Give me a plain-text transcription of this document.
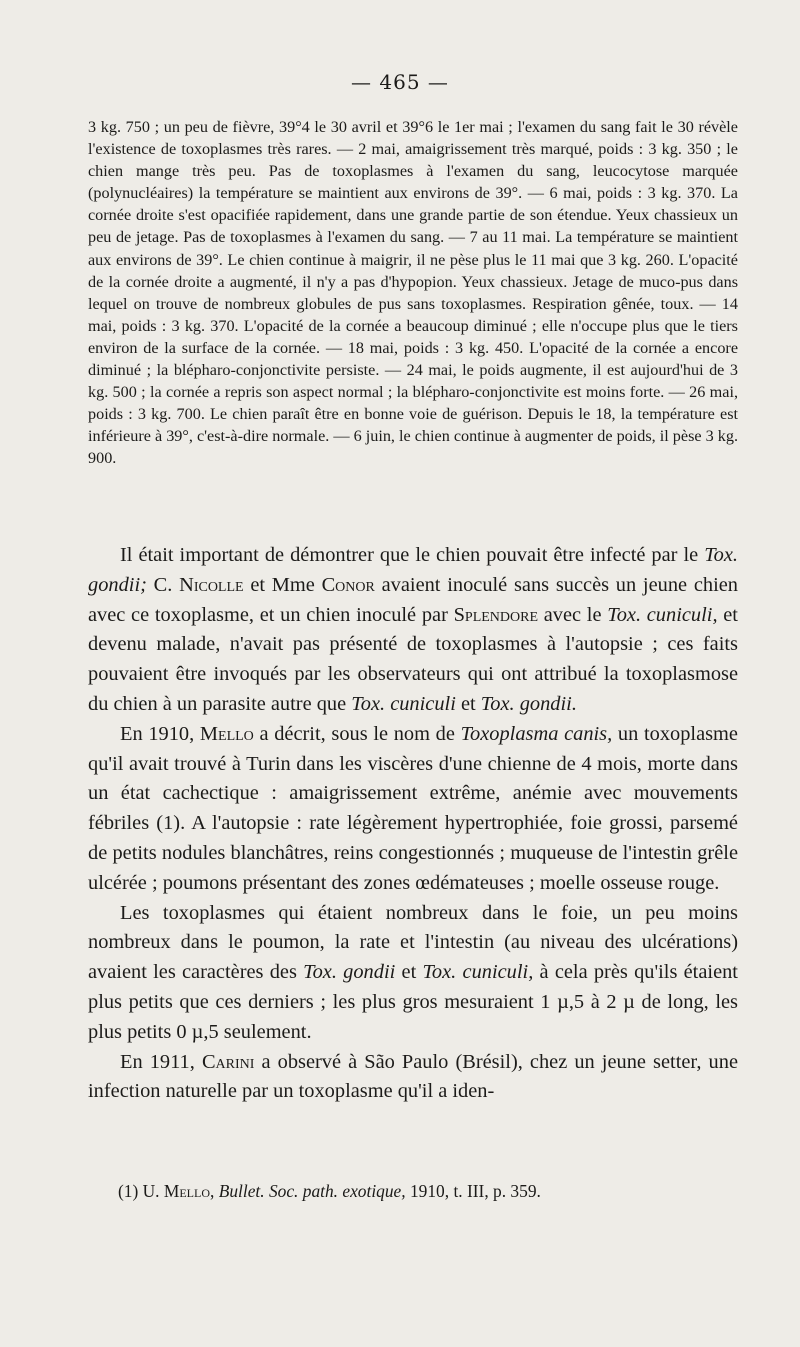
— 465 —

3 kg. 750 ; un peu de fièvre, 39°4 le 30 avril et 39°6 le 1er mai ; l'examen du sang fait le 30 révèle l'existence de toxoplasmes très rares. — 2 mai, amaigrissement très marqué, poids : 3 kg. 350 ; le chien mange très peu. Pas de toxoplasmes à l'examen du sang, leucocytose marquée (polynucléaires) la température se maintient aux environs de 39°. — 6 mai, poids : 3 kg. 370. La cornée droite s'est opacifiée rapidement, dans une grande partie de son étendue. Yeux chassieux un peu de jetage. Pas de toxoplasmes à l'examen du sang. — 7 au 11 mai. La température se maintient aux environs de 39°. Le chien continue à maigrir, il ne pèse plus le 11 mai que 3 kg. 260. L'opacité de la cornée droite a augmenté, il n'y a pas d'hypopion. Yeux chassieux. Jetage de muco-pus dans lequel on trouve de nombreux globules de pus sans toxoplasmes. Respiration gênée, toux. — 14 mai, poids : 3 kg. 370. L'opacité de la cornée a beaucoup diminué ; elle n'occupe plus que le tiers environ de la surface de la cornée. — 18 mai, poids : 3 kg. 450. L'opacité de la cornée a encore diminué ; la blépharo-conjonctivite persiste. — 24 mai, le poids augmente, il est aujourd'hui de 3 kg. 500 ; la cornée a repris son aspect normal ; la blépharo-conjonctivite est moins forte. — 26 mai, poids : 3 kg. 700. Le chien paraît être en bonne voie de guérison. Depuis le 18, la température est inférieure à 39°, c'est-à-dire normale. — 6 juin, le chien continue à augmenter de poids, il pèse 3 kg. 900.

Il était important de démontrer que le chien pouvait être infecté par le Tox. gondii; C. Nicolle et Mme Conor avaient inoculé sans succès un jeune chien avec ce toxoplasme, et un chien inoculé par Splendore avec le Tox. cuniculi, et devenu malade, n'avait pas présenté de toxoplasmes à l'autopsie ; ces faits pouvaient être invoqués par les observateurs qui ont attribué la toxoplasmose du chien à un parasite autre que Tox. cuniculi et Tox. gondii.

En 1910, Mello a décrit, sous le nom de Toxoplasma canis, un toxoplasme qu'il avait trouvé à Turin dans les viscères d'une chienne de 4 mois, morte dans un état cachectique : amaigrissement extrême, anémie avec mouvements fébriles (1). A l'autopsie : rate légèrement hypertrophiée, foie grossi, parsemé de petits nodules blanchâtres, reins congestionnés ; muqueuse de l'intestin grêle ulcérée ; poumons présentant des zones œdémateuses ; moelle osseuse rouge.

Les toxoplasmes qui étaient nombreux dans le foie, un peu moins nombreux dans le poumon, la rate et l'intestin (au niveau des ulcérations) avaient les caractères des Tox. gondii et Tox. cuniculi, à cela près qu'ils étaient plus petits que ces derniers ; les plus gros mesuraient 1 µ,5 à 2 µ de long, les plus petits 0 µ,5 seulement.

En 1911, Carini a observé à São Paulo (Brésil), chez un jeune setter, une infection naturelle par un toxoplasme qu'il a iden-

(1) U. Mello, Bullet. Soc. path. exotique, 1910, t. III, p. 359.
